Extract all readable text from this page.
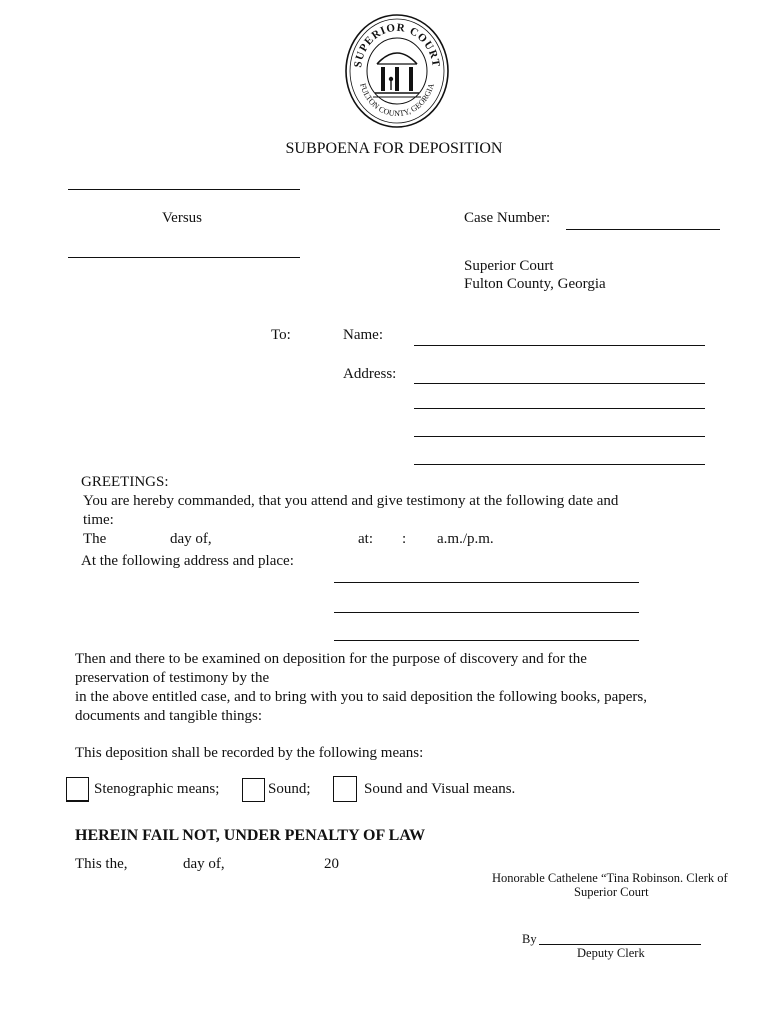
SUPERIOR COURT
FULTON COUNTY, GEORGIA
SUBPOENA FOR DEPOSITION
Versus	Case Number:
Superior Court
Fulton County, Georgia
To:	Name:
Address:
GREETINGS:
You are hereby commanded, that you attend and give testimony at the following date and
time:
The	day of,	at: : a.m./p.m.
At the following address and place:
Then and there to be examined on deposition for the purpose of discovery and for the
preservation of testimony by the
in the above entitled case, and to bring with you to said deposition the following books, papers,
documents and tangible things:
This deposition shall be recorded by the following means:
Stenographic means;	Sound;	Sound and Visual means.
HEREIN FAIL NOT, UNDER PENALTY OF LAW
This the,	day of,	20
Honorable Cathelene “Tina Robinson. Clerk of
Superior Court
By
Deputy Clerk
